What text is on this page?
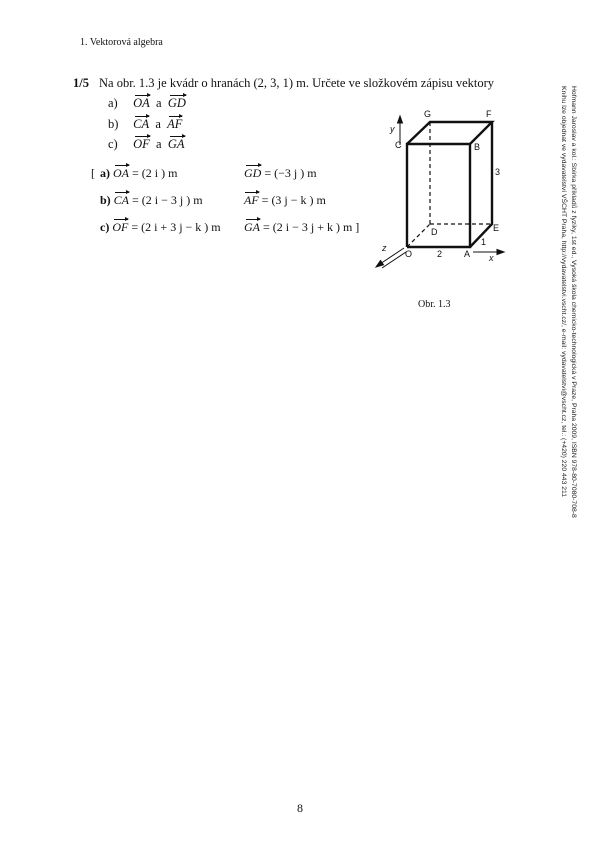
1. Vektorová algebra
1/5 Na obr. 1.3 je kvádr o hranách (2, 3, 1) m. Určete ve složkovém zápisu vektory
a) OA a GD
b) CA a AF
c) OF a GA
[ a) OA = (2 i ) m	GD = (−3 j ) m
b) CA = (2 i − 3 j ) m	AF = (3 j − k ) m
c) OF = (2 i + 3 j − k ) m GA = (2 i − 3 j + k ) m ]
G	F
C	B
D	E
O	A
2
3
1
y
x
z
Obr. 1.3	Hofmann Jaroslav a kol.: Sbírka příkladů z fyziky, 1st ed., Vysoká škola chemicko-technologická v Praze, Praha 2009, ISBN 978-80-7080-708-8
Knihu lze objednat ve vydavatelství VŠCHT Praha, http://vydavatelstvi.vscht.cz/, e-mail: vydavatelstvi@vscht.cz, tel.: (+420) 220 443 211
8
